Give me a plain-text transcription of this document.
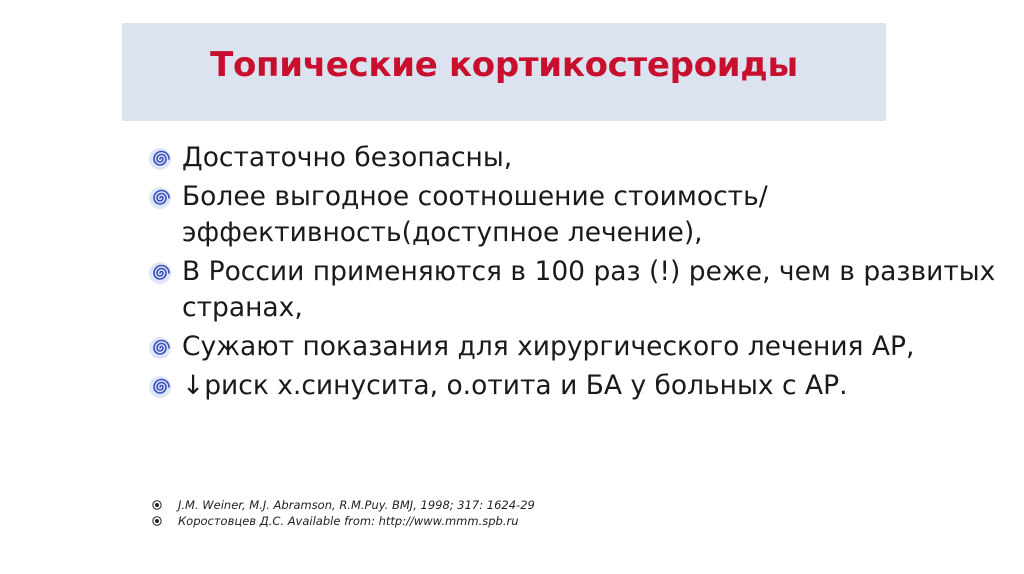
Топические кортикостероиды
Достаточно безопасны,
Более выгодное соотношение стоимость/эффективность(доступное лечение),
В России применяются в 100 раз (!) реже, чем в развитых странах,
Сужают показания для хирургического лечения АР,
↓риск х.синусита, о.отита и БА у больных с АР.
J.M. Weiner, M.J. Abramson, R.M.Puy. BMJ, 1998; 317: 1624-29
Коростовцев Д.С. Available from: http://www.mmm.spb.ru
